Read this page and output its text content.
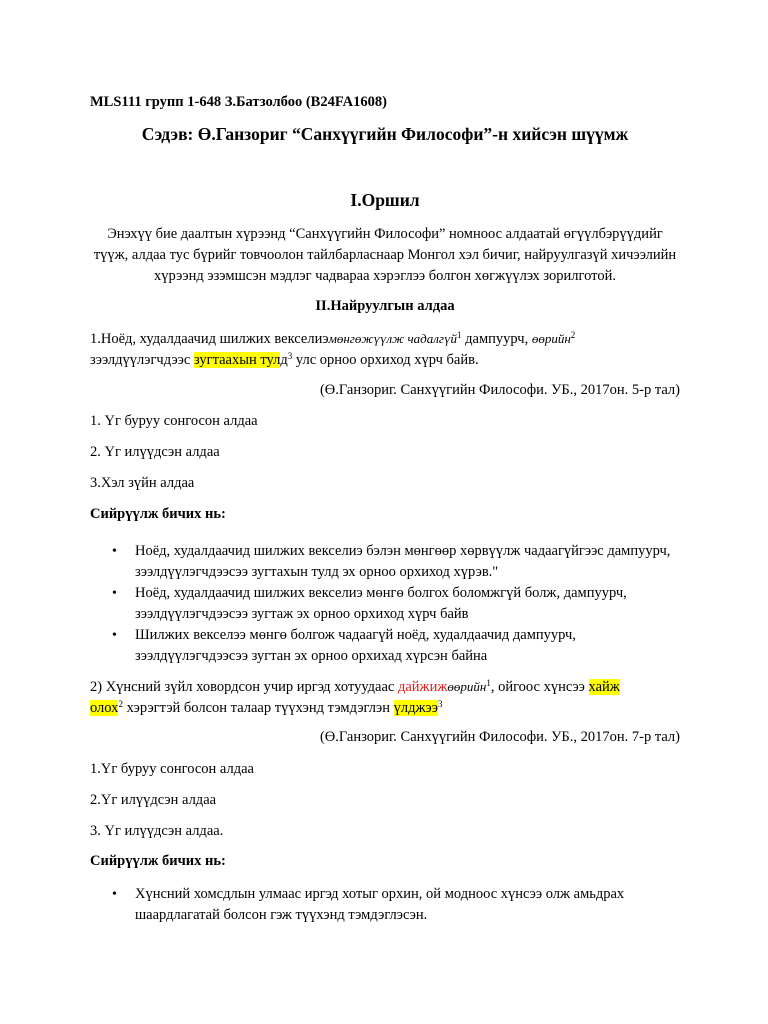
MLS111 групп 1-648 З.Батзолбоо (B24FA1608)
Сэдэв: Ө.Ганзориг “Санхүүгийн Философи”-н хийсэн шүүмж
I.Оршил
Энэхүү бие даалтын хүрээнд “Санхүүгийн Философи” номноос алдаатай өгүүлбэрүүдийг түүж, алдаа тус бүрийг товчоолон тайлбарласнаар Монгол хэл бичиг, найруулгазүй хичээлийн хүрээнд эзэмшсэн мэдлэг чадвараа хэрэглээ болгон хөгжүүлэх зорилготой.
II.Найруулгын алдаа
1.Ноёд, худалдаачид шилжих векселиэмөнгөжүүлж чадалгүй$^1$ дампуурч, өөрийн$^2$
зээлдүүлэгчдээс зугтаахын тулд$^3$ улс орноо орхиход хүрч байв.
(Ө.Ганзориг. Санхүүгийн Философи. УБ., 2017он. 5-р тал)
1. Үг буруу сонгосон алдаа
2. Үг илүүдсэн алдаа
3.Хэл зүйн алдаа
Сийрүүлж бичих нь:
• Ноёд, худалдаачид шилжих векселиэ бэлэн мөнгөөр хөрвүүлж чадаагүйгээс дампуурч, зээлдүүлэгчдээсээ зугтахын тулд эх орноо орхиход хүрэв."
• Ноёд, худалдаачид шилжих векселиэ мөнгө болгох боломжгүй болж, дампуурч, зээлдүүлэгчдээсээ зугтаж эх орноо орхиход хүрч байв
• Шилжих векселээ мөнгө болгож чадаагүй ноёд, худалдаачид дампуурч, зээлдүүлэгчдээсээ зугтан эх орноо орхихад хүрсэн байна
2) Хүнсний зүйл ховордсон учир иргэд хотуудаас дайжижөөрийн$^1$, ойгоос хүнсээ хайж
олох$^2$ хэрэгтэй болсон талаар түүхэнд тэмдэглэн үлджээ$^3$
(Ө.Ганзориг. Санхүүгийн Философи. УБ., 2017он. 7-р тал)
1.Үг буруу сонгосон алдаа
2.Үг илүүдсэн алдаа
3. Үг илүүдсэн алдаа.
Сийрүүлж бичих нь:
• Хүнсний хомсдлын улмаас иргэд хотыг орхин, ой модноос хүнсээ олж амьдрах шаардлагатай болсон гэж түүхэнд тэмдэглэсэн.
